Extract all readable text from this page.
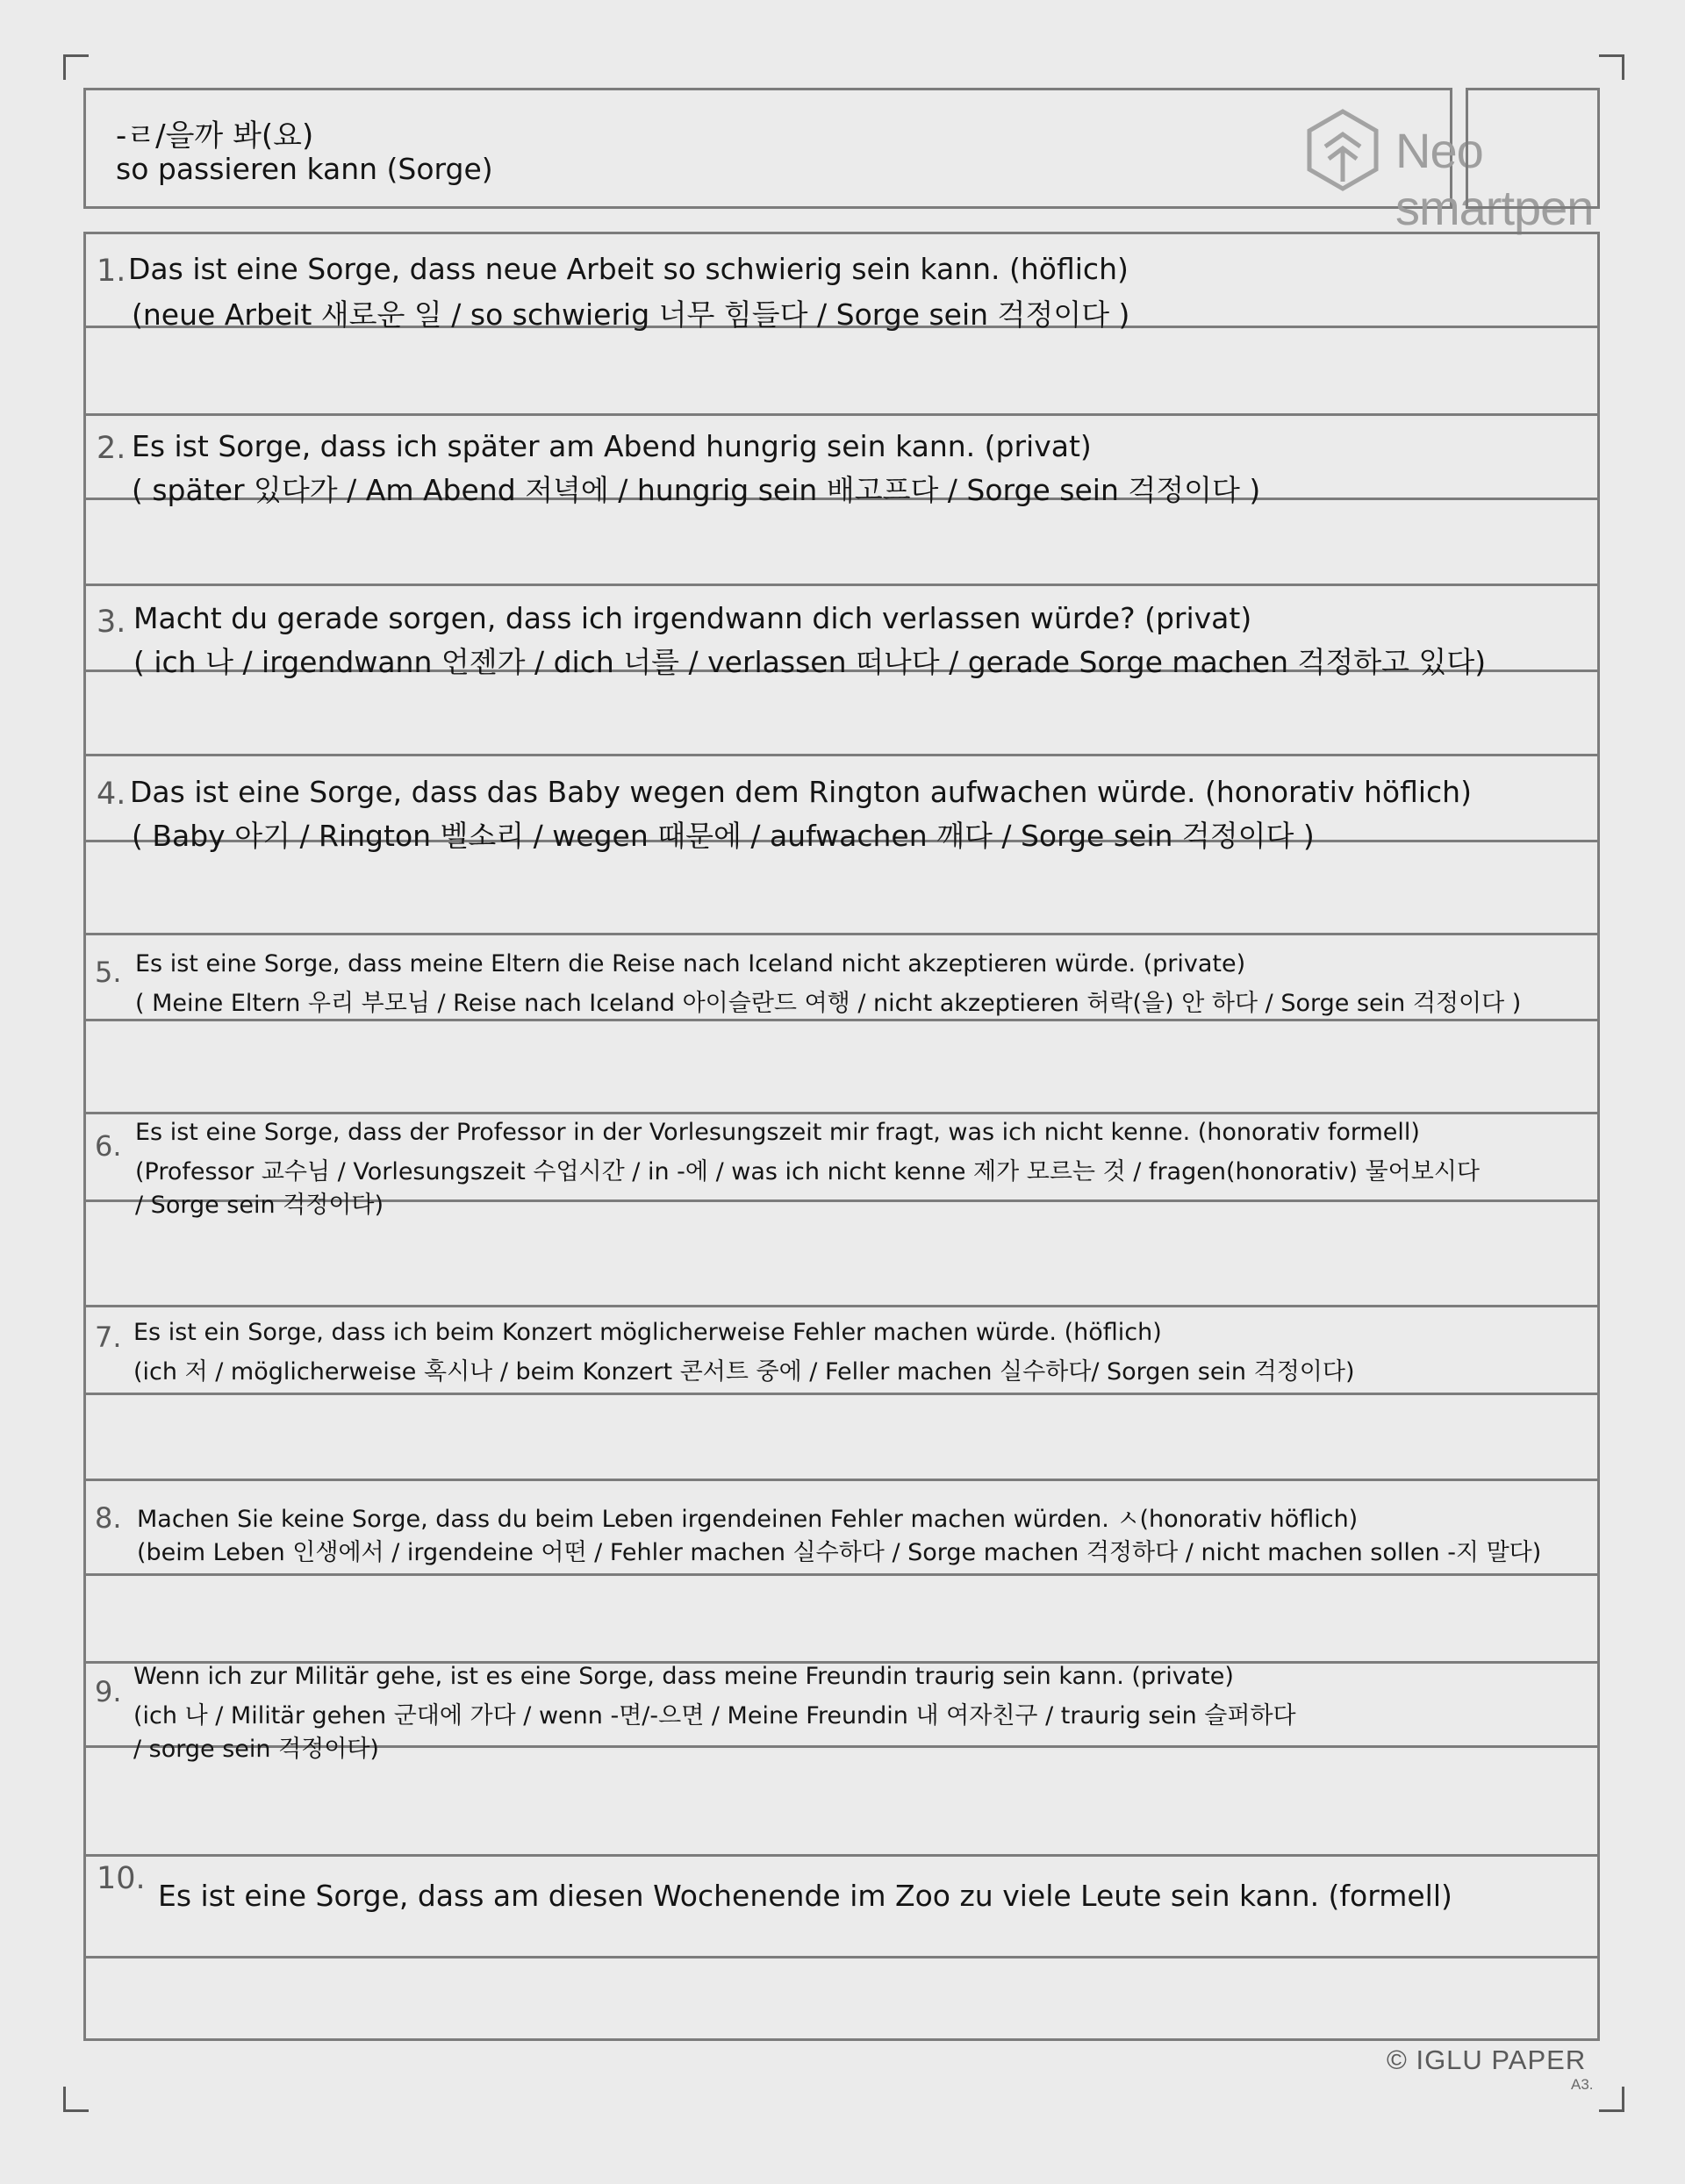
-ㄹ/을까 봐(요)
so passieren kann (Sorge)	Neo smartpen
1. Das ist eine Sorge, dass neue Arbeit so schwierig sein kann. (höflich)
(neue Arbeit 새로운 일 / so schwierig 너무 힘들다 / Sorge sein 걱정이다 )
2. Es ist Sorge, dass ich später am Abend hungrig sein kann. (privat)
( später 있다가 / Am Abend 저녁에 / hungrig sein 배고프다 / Sorge sein 걱정이다 )
3. Macht du gerade sorgen, dass ich irgendwann dich verlassen würde? (privat)
( ich 나 / irgendwann 언젠가 / dich 너를 / verlassen 떠나다 / gerade Sorge machen 걱정하고 있다)
4. Das ist eine Sorge, dass das Baby wegen dem Rington aufwachen würde. (honorativ höflich)
( Baby 아기 / Rington 벨소리 / wegen 때문에 / aufwachen 깨다 / Sorge sein 걱정이다 )
5. Es ist eine Sorge, dass meine Eltern die Reise nach Iceland nicht akzeptieren würde. (private)
( Meine Eltern 우리 부모님 / Reise nach Iceland 아이슬란드 여행 / nicht akzeptieren 허락(을) 안 하다 / Sorge sein 걱정이다 )
6. Es ist eine Sorge, dass der Professor in der Vorlesungszeit mir fragt, was ich nicht kenne. (honorativ formell)
(Professor 교수님 / Vorlesungszeit 수업시간 / in -에 / was ich nicht kenne 제가 모르는 것 / fragen(honorativ) 물어보시다
/ Sorge sein 걱정이다)
7. Es ist ein Sorge, dass ich beim Konzert möglicherweise Fehler machen würde. (höflich)
(ich 저 / möglicherweise 혹시나 / beim Konzert 콘서트 중에 / Feller machen 실수하다/ Sorgen sein 걱정이다)
8. Machen Sie keine Sorge, dass du beim Leben irgendeinen Fehler machen würden. ㅅ(honorativ höflich)
(beim Leben 인생에서 / irgendeine 어떤 / Fehler machen 실수하다 / Sorge machen 걱정하다 / nicht machen sollen -지 말다)
9. Wenn ich zur Militär gehe, ist es eine Sorge, dass meine Freundin traurig sein kann. (private)
(ich 나 / Militär gehen 군대에 가다 / wenn -면/-으면 / Meine Freundin 내 여자친구 / traurig sein 슬퍼하다
/ sorge sein 걱정이다)
10. Es ist eine Sorge, dass am diesen Wochenende im Zoo zu viele Leute sein kann. (formell)
© IGLU PAPER
A3.
